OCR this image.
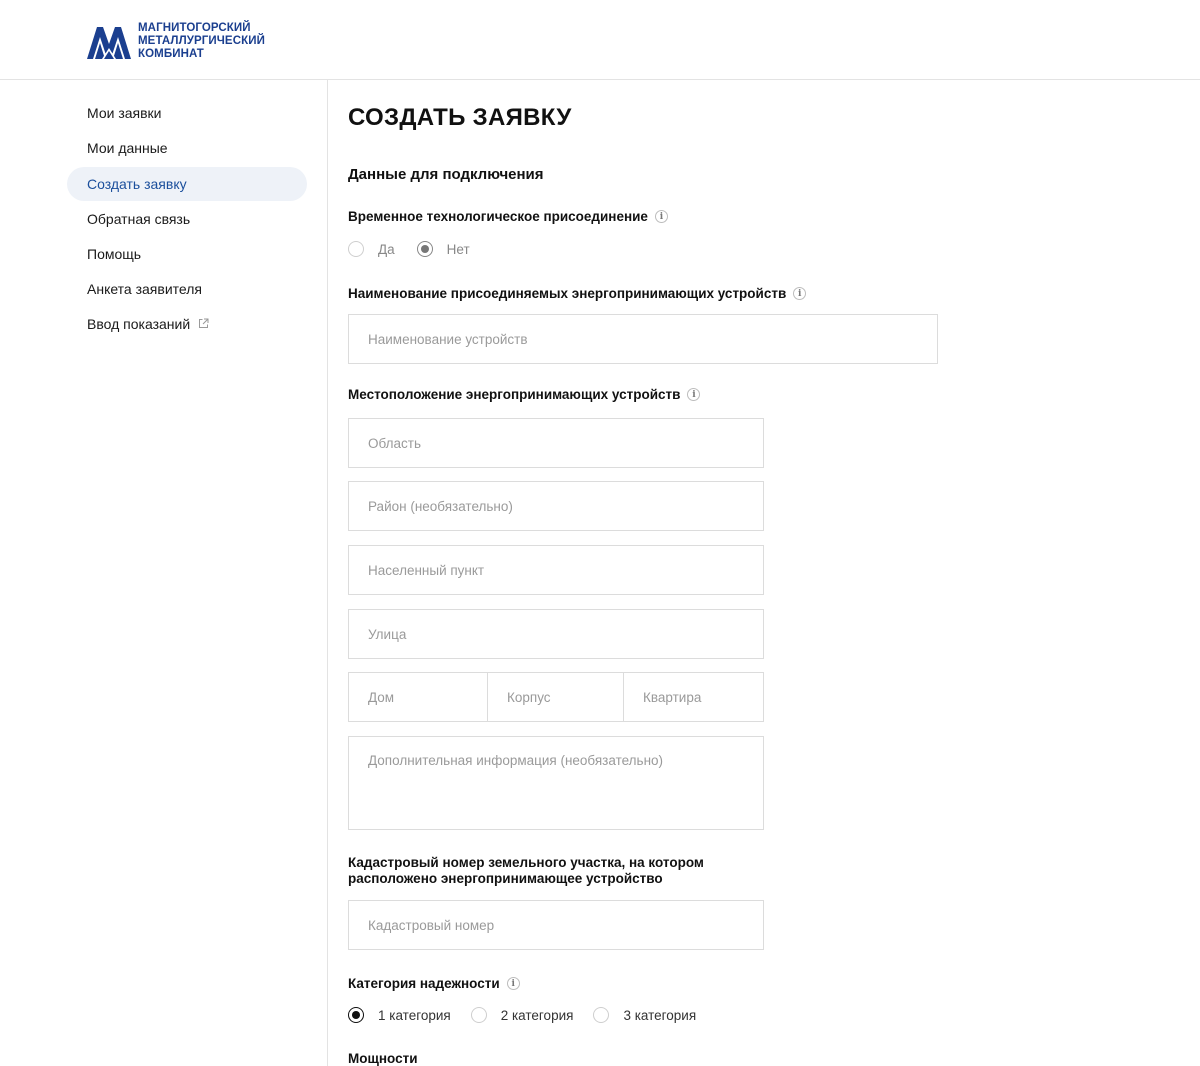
МАГНИТОГОРСКИЙ
МЕТАЛЛУРГИЧЕСКИЙ
КОМБИНАТ
Мои заявки
Мои данные
Создать заявку
Обратная связь
Помощь
Анкета заявителя
Ввод показаний
СОЗДАТЬ ЗАЯВКУ
Данные для подключения
Временное технологическое присоединение	i
Да	Нет
Наименование присоединяемых энергопринимающих устройств	i
Наименование устройств
Местоположение энергопринимающих устройств	i
Область
Район (необязательно)
Населенный пункт
Улица
Дом
Корпус
Квартира
Дополнительная информация (необязательно)
Кадастровый номер земельного участка, на котором расположено энергопринимающее устройство
Кадастровый номер
Категория надежности	i
1 категория	2 категория	3 категория
Мощности
